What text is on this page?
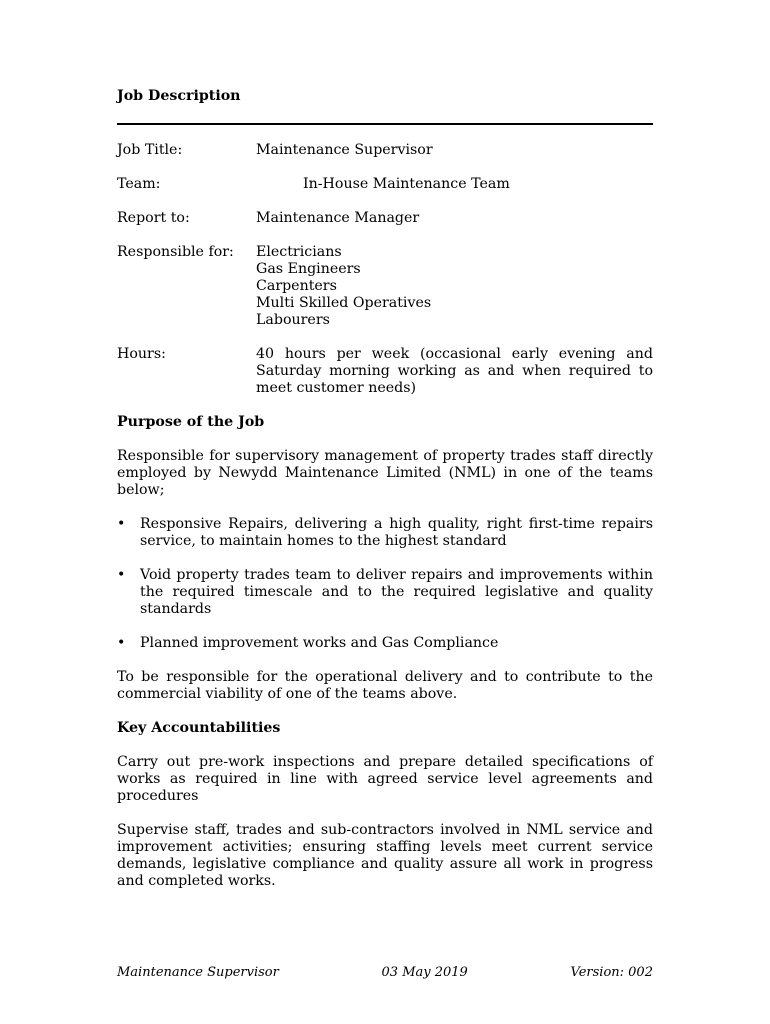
Job Description
Job Title:	Maintenance Supervisor
Team:	In-House Maintenance Team
Report to:	Maintenance Manager
Responsible for:	Electricians
Gas Engineers
Carpenters
Multi Skilled Operatives
Labourers
Hours:	40 hours per week (occasional early evening and Saturday morning working as and when required to meet customer needs)
Purpose of the Job

Responsible for supervisory management of property trades staff directly employed by Newydd Maintenance Limited (NML) in one of the teams below;

•	Responsive Repairs, delivering a high quality, right first-time repairs service, to maintain homes to the highest standard
•	Void property trades team to deliver repairs and improvements within the required timescale and to the required legislative and quality standards
•	Planned improvement works and Gas Compliance

To be responsible for the operational delivery and to contribute to the commercial viability of one of the teams above.

Key Accountabilities

Carry out pre-work inspections and prepare detailed specifications of works as required in line with agreed service level agreements and procedures

Supervise staff, trades and sub-contractors involved in NML service and improvement activities; ensuring staffing levels meet current service demands, legislative compliance and quality assure all work in progress and completed works.

Maintenance Supervisor	03 May 2019	Version: 002
